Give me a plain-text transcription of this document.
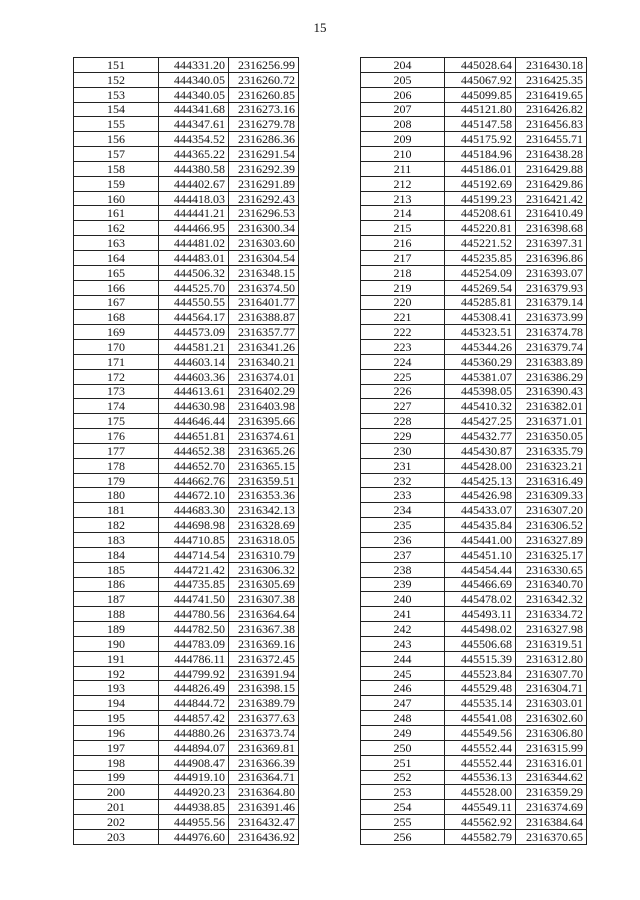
15
151	444331.20	2316256.99
152	444340.05	2316260.72
153	444340.05	2316260.85
154	444341.68	2316273.16
155	444347.61	2316279.78
156	444354.52	2316286.36
157	444365.22	2316291.54
158	444380.58	2316292.39
159	444402.67	2316291.89
160	444418.03	2316292.43
161	444441.21	2316296.53
162	444466.95	2316300.34
163	444481.02	2316303.60
164	444483.01	2316304.54
165	444506.32	2316348.15
166	444525.70	2316374.50
167	444550.55	2316401.77
168	444564.17	2316388.87
169	444573.09	2316357.77
170	444581.21	2316341.26
171	444603.14	2316340.21
172	444603.36	2316374.01
173	444613.61	2316402.29
174	444630.98	2316403.98
175	444646.44	2316395.66
176	444651.81	2316374.61
177	444652.38	2316365.26
178	444652.70	2316365.15
179	444662.76	2316359.51
180	444672.10	2316353.36
181	444683.30	2316342.13
182	444698.98	2316328.69
183	444710.85	2316318.05
184	444714.54	2316310.79
185	444721.42	2316306.32
186	444735.85	2316305.69
187	444741.50	2316307.38
188	444780.56	2316364.64
189	444782.50	2316367.38
190	444783.09	2316369.16
191	444786.11	2316372.45
192	444799.92	2316391.94
193	444826.49	2316398.15
194	444844.72	2316389.79
195	444857.42	2316377.63
196	444880.26	2316373.74
197	444894.07	2316369.81
198	444908.47	2316366.39
199	444919.10	2316364.71
200	444920.23	2316364.80
201	444938.85	2316391.46
202	444955.56	2316432.47
203	444976.60	2316436.92
204	445028.64	2316430.18
205	445067.92	2316425.35
206	445099.85	2316419.65
207	445121.80	2316426.82
208	445147.58	2316456.83
209	445175.92	2316455.71
210	445184.96	2316438.28
211	445186.01	2316429.88
212	445192.69	2316429.86
213	445199.23	2316421.42
214	445208.61	2316410.49
215	445220.81	2316398.68
216	445221.52	2316397.31
217	445235.85	2316396.86
218	445254.09	2316393.07
219	445269.54	2316379.93
220	445285.81	2316379.14
221	445308.41	2316373.99
222	445323.51	2316374.78
223	445344.26	2316379.74
224	445360.29	2316383.89
225	445381.07	2316386.29
226	445398.05	2316390.43
227	445410.32	2316382.01
228	445427.25	2316371.01
229	445432.77	2316350.05
230	445430.87	2316335.79
231	445428.00	2316323.21
232	445425.13	2316316.49
233	445426.98	2316309.33
234	445433.07	2316307.20
235	445435.84	2316306.52
236	445441.00	2316327.89
237	445451.10	2316325.17
238	445454.44	2316330.65
239	445466.69	2316340.70
240	445478.02	2316342.32
241	445493.11	2316334.72
242	445498.02	2316327.98
243	445506.68	2316319.51
244	445515.39	2316312.80
245	445523.84	2316307.70
246	445529.48	2316304.71
247	445535.14	2316303.01
248	445541.08	2316302.60
249	445549.56	2316306.80
250	445552.44	2316315.99
251	445552.44	2316316.01
252	445536.13	2316344.62
253	445528.00	2316359.29
254	445549.11	2316374.69
255	445562.92	2316384.64
256	445582.79	2316370.65
